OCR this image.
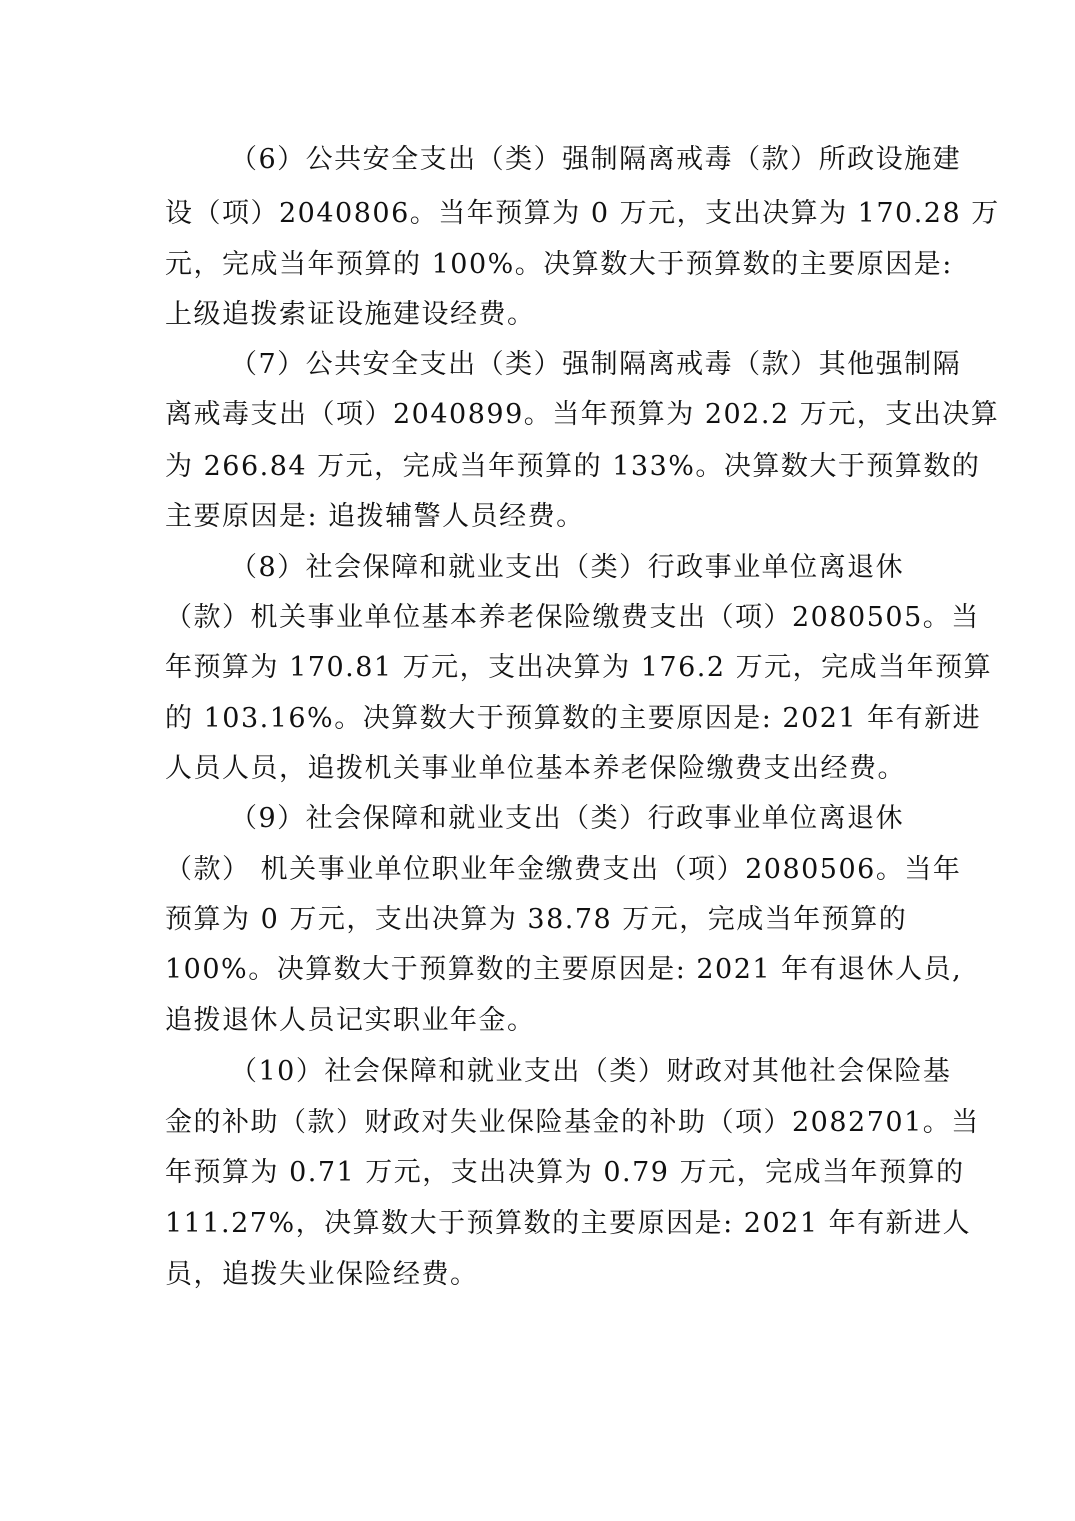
（6）公共安全支出（类）强制隔离戒毒（款）所政设施建
设（项）2040806。当年预算为 0 万元，支出决算为 170.28 万
元，完成当年预算的 100%。决算数大于预算数的主要原因是:
上级追拨索证设施建设经费。
（7）公共安全支出（类）强制隔离戒毒（款）其他强制隔
离戒毒支出（项）2040899。当年预算为 202.2 万元，支出决算
为 266.84 万元，完成当年预算的 133%。决算数大于预算数的
主要原因是: 追拨辅警人员经费。
（8）社会保障和就业支出（类）行政事业单位离退休
（款）机关事业单位基本养老保险缴费支出（项）2080505。当
年预算为 170.81 万元，支出决算为 176.2 万元，完成当年预算
的 103.16%。决算数大于预算数的主要原因是: 2021 年有新进
人员人员，追拨机关事业单位基本养老保险缴费支出经费。
（9）社会保障和就业支出（类）行政事业单位离退休
（款） 机关事业单位职业年金缴费支出（项）2080506。当年
预算为 0 万元，支出决算为 38.78 万元，完成当年预算的
100%。决算数大于预算数的主要原因是: 2021 年有退休人员,
追拨退休人员记实职业年金。
（10）社会保障和就业支出（类）财政对其他社会保险基
金的补助（款）财政对失业保险基金的补助（项）2082701。当
年预算为 0.71 万元，支出决算为 0.79 万元，完成当年预算的
111.27%，决算数大于预算数的主要原因是: 2021 年有新进人
员，追拨失业保险经费。
